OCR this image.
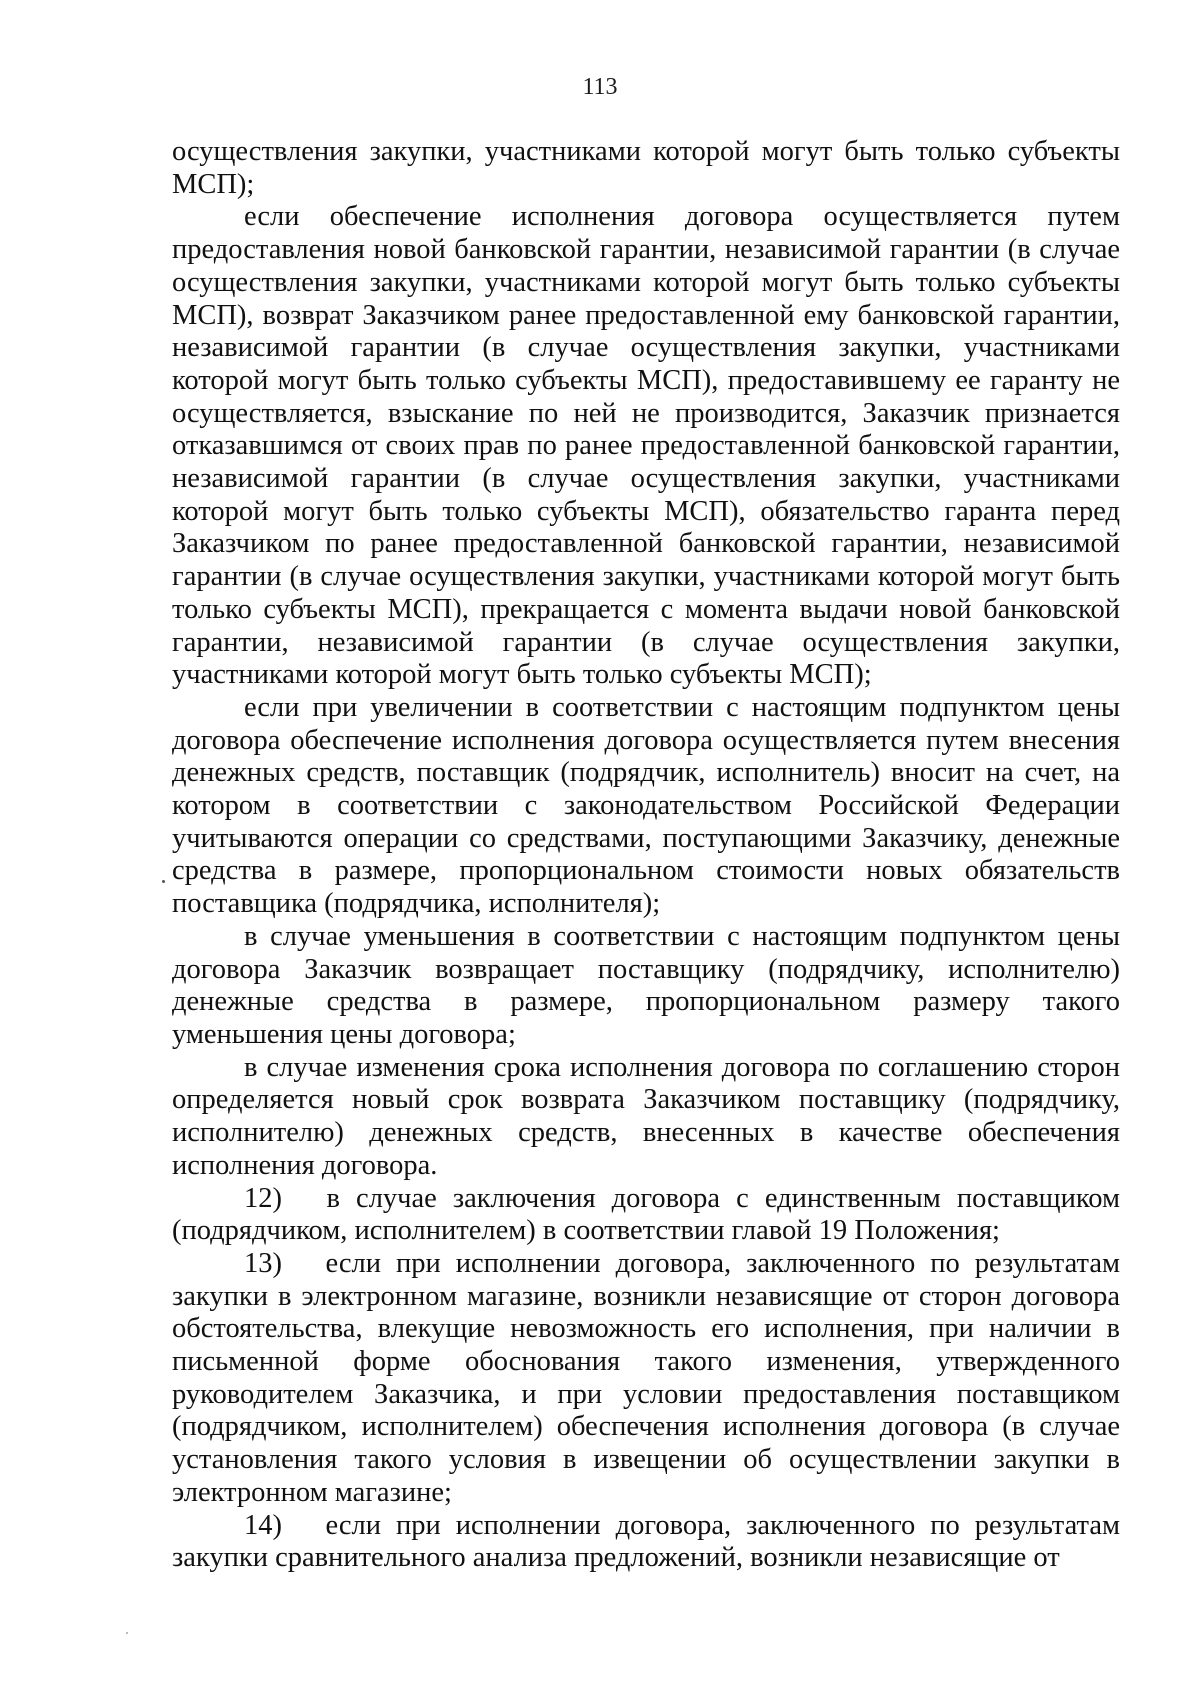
113

осуществления закупки, участниками которой могут быть только субъекты МСП);

если обеспечение исполнения договора осуществляется путем предоставления новой банковской гарантии, независимой гарантии (в случае осуществления закупки, участниками которой могут быть только субъекты МСП), возврат Заказчиком ранее предоставленной ему банковской гарантии, независимой гарантии (в случае осуществления закупки, участниками которой могут быть только субъекты МСП), предоставившему ее гаранту не осуществляется, взыскание по ней не производится, Заказчик признается отказавшимся от своих прав по ранее предоставленной банковской гарантии, независимой гарантии (в случае осуществления закупки, участниками которой могут быть только субъекты МСП), обязательство гаранта перед Заказчиком по ранее предоставленной банковской гарантии, независимой гарантии (в случае осуществления закупки, участниками которой могут быть только субъекты МСП), прекращается с момента выдачи новой банковской гарантии, независимой гарантии (в случае осуществления закупки, участниками которой могут быть только субъекты МСП);

если при увеличении в соответствии с настоящим подпунктом цены договора обеспечение исполнения договора осуществляется путем внесения денежных средств, поставщик (подрядчик, исполнитель) вносит на счет, на котором в соответствии с законодательством Российской Федерации учитываются операции со средствами, поступающими Заказчику, денежные средства в размере, пропорциональном стоимости новых обязательств поставщика (подрядчика, исполнителя);

в случае уменьшения в соответствии с настоящим подпунктом цены договора Заказчик возвращает поставщику (подрядчику, исполнителю) денежные средства в размере, пропорциональном размеру такого уменьшения цены договора;

в случае изменения срока исполнения договора по соглашению сторон определяется новый срок возврата Заказчиком поставщику (подрядчику, исполнителю) денежных средств, внесенных в качестве обеспечения исполнения договора.

12)  в случае заключения договора с единственным поставщиком (подрядчиком, исполнителем) в соответствии главой 19 Положения;

13)  если при исполнении договора, заключенного по результатам закупки в электронном магазине, возникли независящие от сторон договора обстоятельства, влекущие невозможность его исполнения, при наличии в письменной форме обоснования такого изменения, утвержденного руководителем Заказчика, и при условии предоставления поставщиком (подрядчиком, исполнителем) обеспечения исполнения договора (в случае установления такого условия в извещении об осуществлении закупки в электронном магазине;

14)  если при исполнении договора, заключенного по результатам закупки сравнительного анализа предложений, возникли независящие от
